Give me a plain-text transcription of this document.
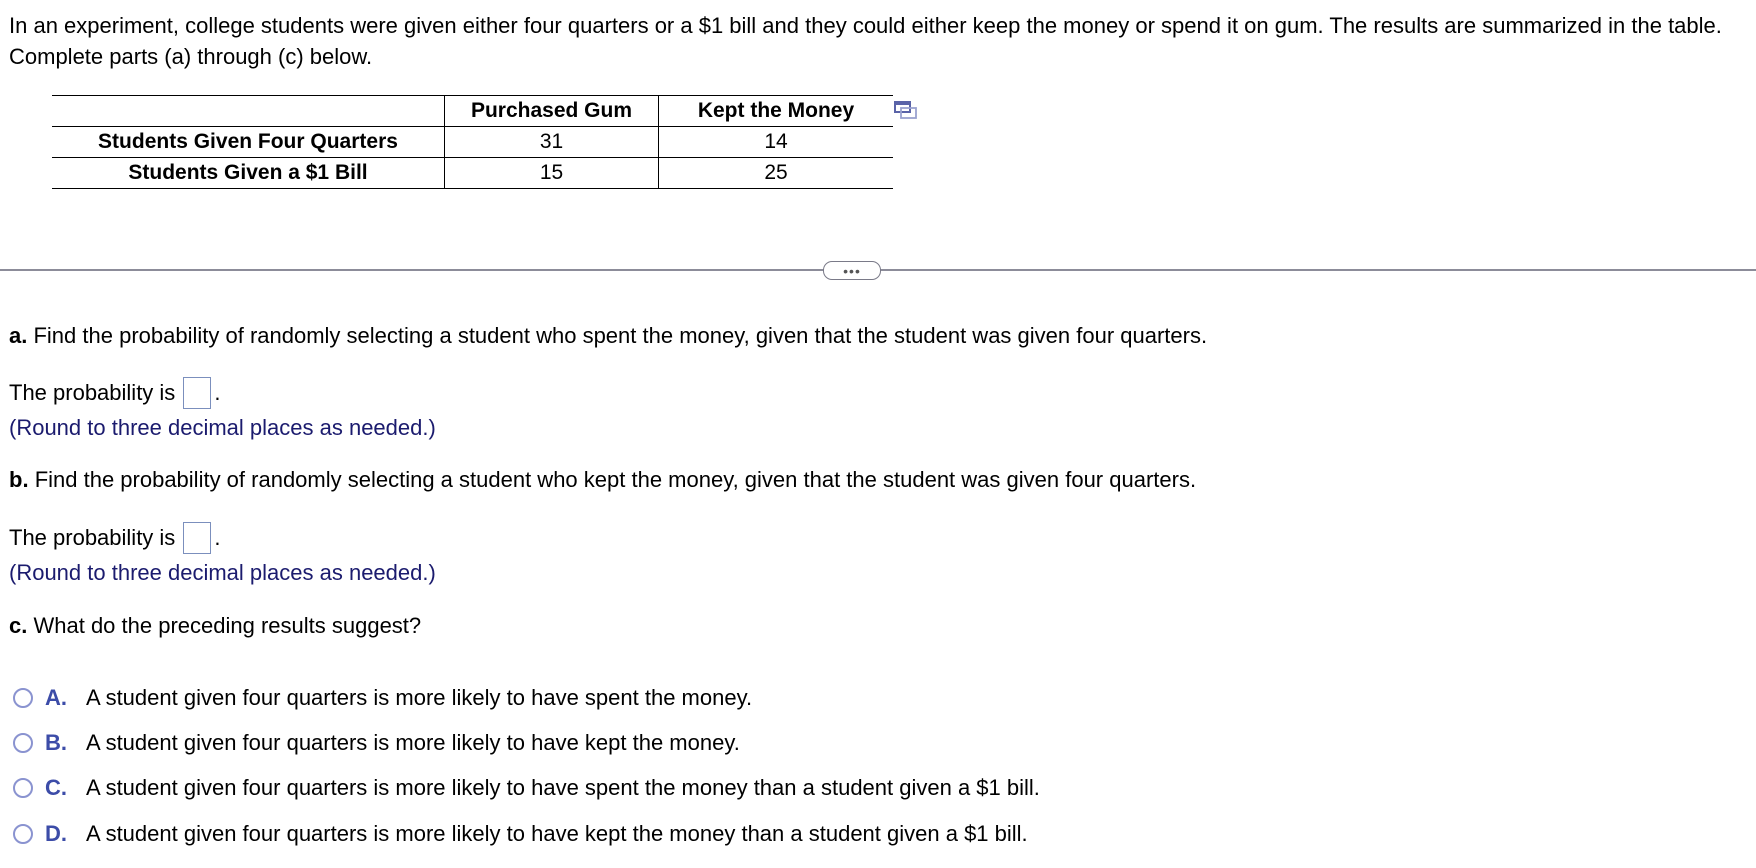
In an experiment, college students were given either four quarters or a $1 bill and they could either keep the money or spend it on gum. The results are summarized in the table. Complete parts (a) through (c) below.
	Purchased Gum	Kept the Money
Students Given Four Quarters	31	14
Students Given a $1 Bill	15	25
•••
a. Find the probability of randomly selecting a student who spent the money, given that the student was given four quarters.
The probability is .
(Round to three decimal places as needed.)
b. Find the probability of randomly selecting a student who kept the money, given that the student was given four quarters.
The probability is .
(Round to three decimal places as needed.)
c. What do the preceding results suggest?
A. A student given four quarters is more likely to have spent the money.
B. A student given four quarters is more likely to have kept the money.
C. A student given four quarters is more likely to have spent the money than a student given a $1 bill.
D. A student given four quarters is more likely to have kept the money than a student given a $1 bill.
